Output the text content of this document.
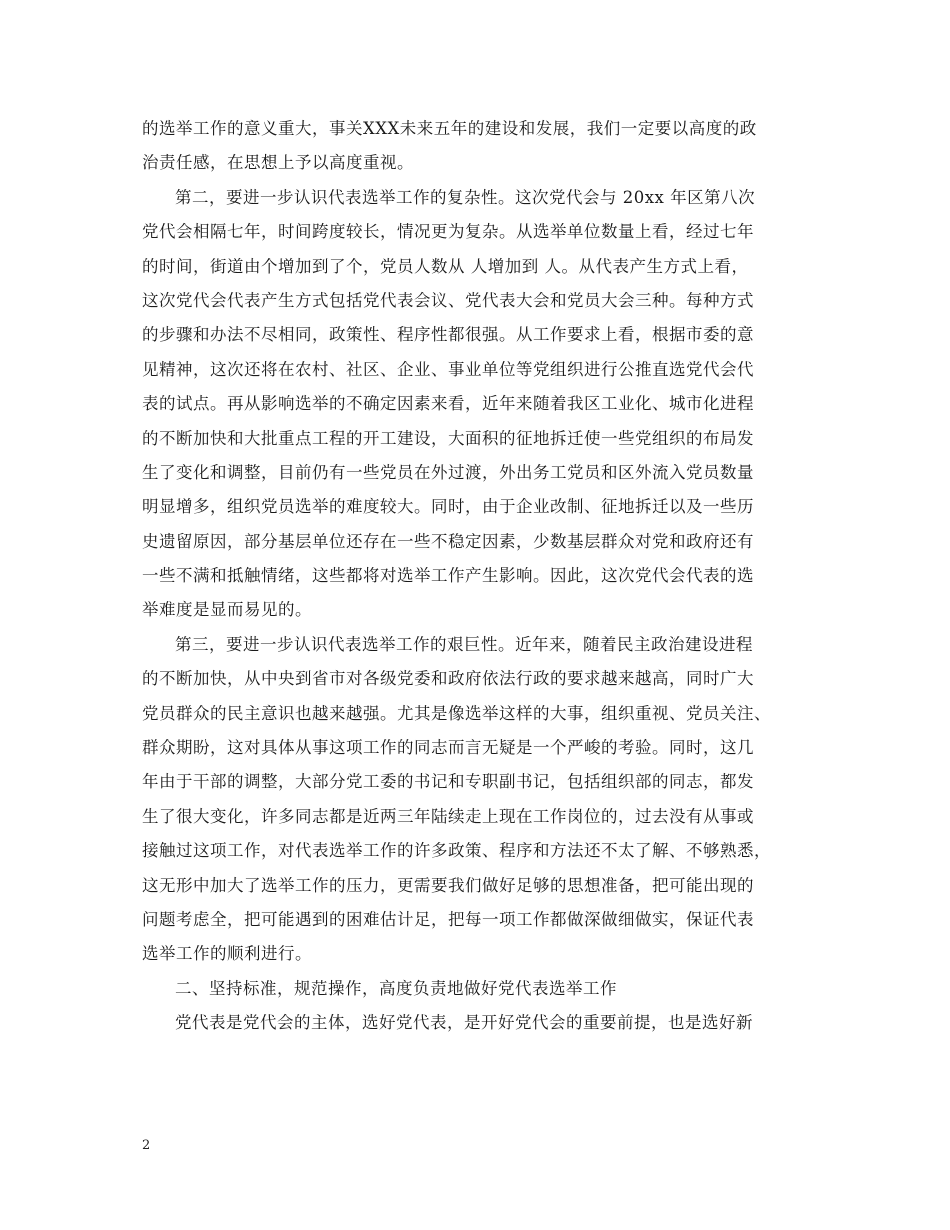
的选举工作的意义重大，事关XXX未来五年的建设和发展，我们一定要以高度的政
治责任感，在思想上予以高度重视。
第二，要进一步认识代表选举工作的复杂性。这次党代会与 20xx 年区第八次
党代会相隔七年，时间跨度较长，情况更为复杂。从选举单位数量上看，经过七年
的时间，街道由个增加到了个，党员人数从 人增加到 人。从代表产生方式上看，
这次党代会代表产生方式包括党代表会议、党代表大会和党员大会三种。每种方式
的步骤和办法不尽相同，政策性、程序性都很强。从工作要求上看，根据市委的意
见精神，这次还将在农村、社区、企业、事业单位等党组织进行公推直选党代会代
表的试点。再从影响选举的不确定因素来看，近年来随着我区工业化、城市化进程
的不断加快和大批重点工程的开工建设，大面积的征地拆迁使一些党组织的布局发
生了变化和调整，目前仍有一些党员在外过渡，外出务工党员和区外流入党员数量
明显增多，组织党员选举的难度较大。同时，由于企业改制、征地拆迁以及一些历
史遗留原因，部分基层单位还存在一些不稳定因素，少数基层群众对党和政府还有
一些不满和抵触情绪，这些都将对选举工作产生影响。因此，这次党代会代表的选
举难度是显而易见的。
第三，要进一步认识代表选举工作的艰巨性。近年来，随着民主政治建设进程
的不断加快，从中央到省市对各级党委和政府依法行政的要求越来越高，同时广大
党员群众的民主意识也越来越强。尤其是像选举这样的大事，组织重视、党员关注、
群众期盼，这对具体从事这项工作的同志而言无疑是一个严峻的考验。同时，这几
年由于干部的调整，大部分党工委的书记和专职副书记，包括组织部的同志，都发
生了很大变化，许多同志都是近两三年陆续走上现在工作岗位的，过去没有从事或
接触过这项工作，对代表选举工作的许多政策、程序和方法还不太了解、不够熟悉，
这无形中加大了选举工作的压力，更需要我们做好足够的思想准备，把可能出现的
问题考虑全，把可能遇到的困难估计足，把每一项工作都做深做细做实，保证代表
选举工作的顺利进行。
二、坚持标准，规范操作，高度负责地做好党代表选举工作
党代表是党代会的主体，选好党代表，是开好党代会的重要前提，也是选好新
2
